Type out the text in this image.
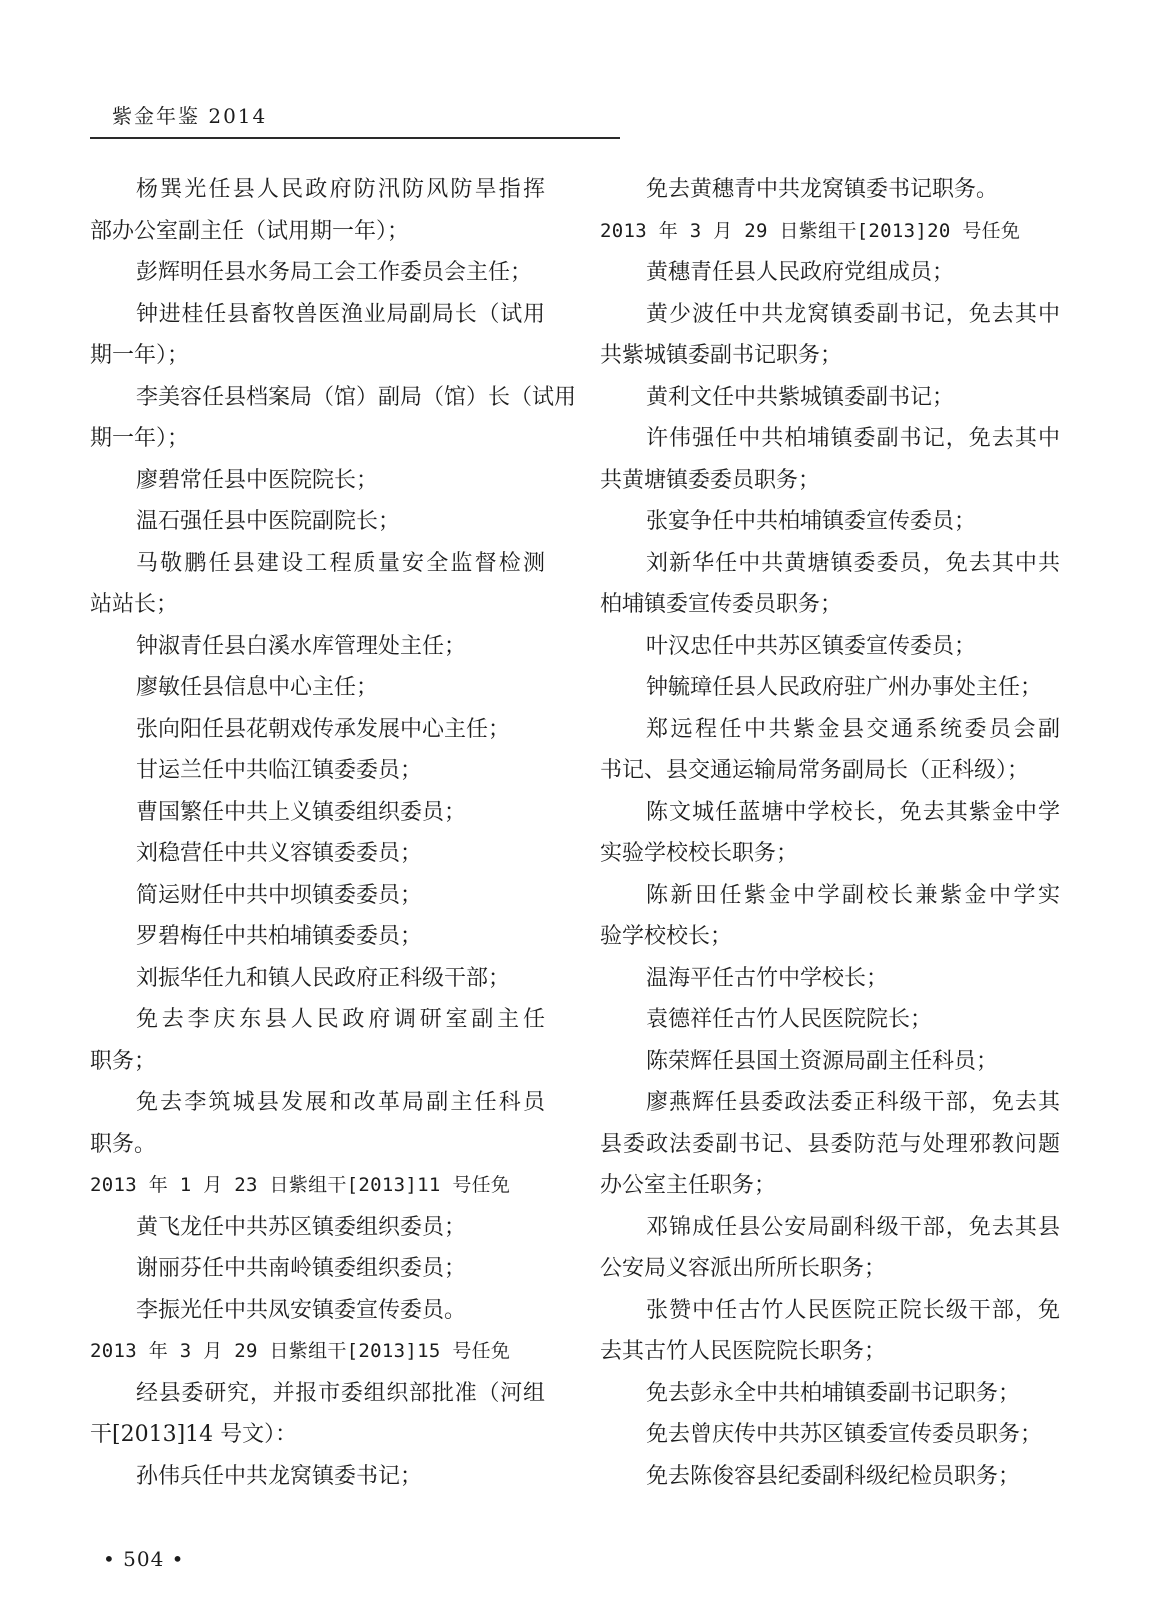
紫金年鉴 2014
杨巽光任县人民政府防汛防风防旱指挥
部办公室副主任（试用期一年）；
彭辉明任县水务局工会工作委员会主任；
钟进桂任县畜牧兽医渔业局副局长（试用
期一年）；
李美容任县档案局（馆）副局（馆）长（试用
期一年）；
廖碧常任县中医院院长；
温石强任县中医院副院长；
马敬鹏任县建设工程质量安全监督检测
站站长；
钟淑青任县白溪水库管理处主任；
廖敏任县信息中心主任；
张向阳任县花朝戏传承发展中心主任；
甘运兰任中共临江镇委委员；
曹国繁任中共上义镇委组织委员；
刘稳营任中共义容镇委委员；
简运财任中共中坝镇委委员；
罗碧梅任中共柏埔镇委委员；
刘振华任九和镇人民政府正科级干部；
免去李庆东县人民政府调研室副主任
职务；
免去李筑城县发展和改革局副主任科员
职务。
2013 年 1 月 23 日紫组干[2013]11 号任免
黄飞龙任中共苏区镇委组织委员；
谢丽芬任中共南岭镇委组织委员；
李振光任中共凤安镇委宣传委员。
2013 年 3 月 29 日紫组干[2013]15 号任免
经县委研究，并报市委组织部批准（河组
干[2013]14 号文）：
孙伟兵任中共龙窝镇委书记；
免去黄穗青中共龙窝镇委书记职务。
2013 年 3 月 29 日紫组干[2013]20 号任免
黄穗青任县人民政府党组成员；
黄少波任中共龙窝镇委副书记，免去其中
共紫城镇委副书记职务；
黄利文任中共紫城镇委副书记；
许伟强任中共柏埔镇委副书记，免去其中
共黄塘镇委委员职务；
张宴争任中共柏埔镇委宣传委员；
刘新华任中共黄塘镇委委员，免去其中共
柏埔镇委宣传委员职务；
叶汉忠任中共苏区镇委宣传委员；
钟毓璋任县人民政府驻广州办事处主任；
郑远程任中共紫金县交通系统委员会副
书记、县交通运输局常务副局长（正科级）；
陈文城任蓝塘中学校长，免去其紫金中学
实验学校校长职务；
陈新田任紫金中学副校长兼紫金中学实
验学校校长；
温海平任古竹中学校长；
袁德祥任古竹人民医院院长；
陈荣辉任县国土资源局副主任科员；
廖燕辉任县委政法委正科级干部，免去其
县委政法委副书记、县委防范与处理邪教问题
办公室主任职务；
邓锦成任县公安局副科级干部，免去其县
公安局义容派出所所长职务；
张赞中任古竹人民医院正院长级干部，免
去其古竹人民医院院长职务；
免去彭永全中共柏埔镇委副书记职务；
免去曾庆传中共苏区镇委宣传委员职务；
免去陈俊容县纪委副科级纪检员职务；
• 504 •
